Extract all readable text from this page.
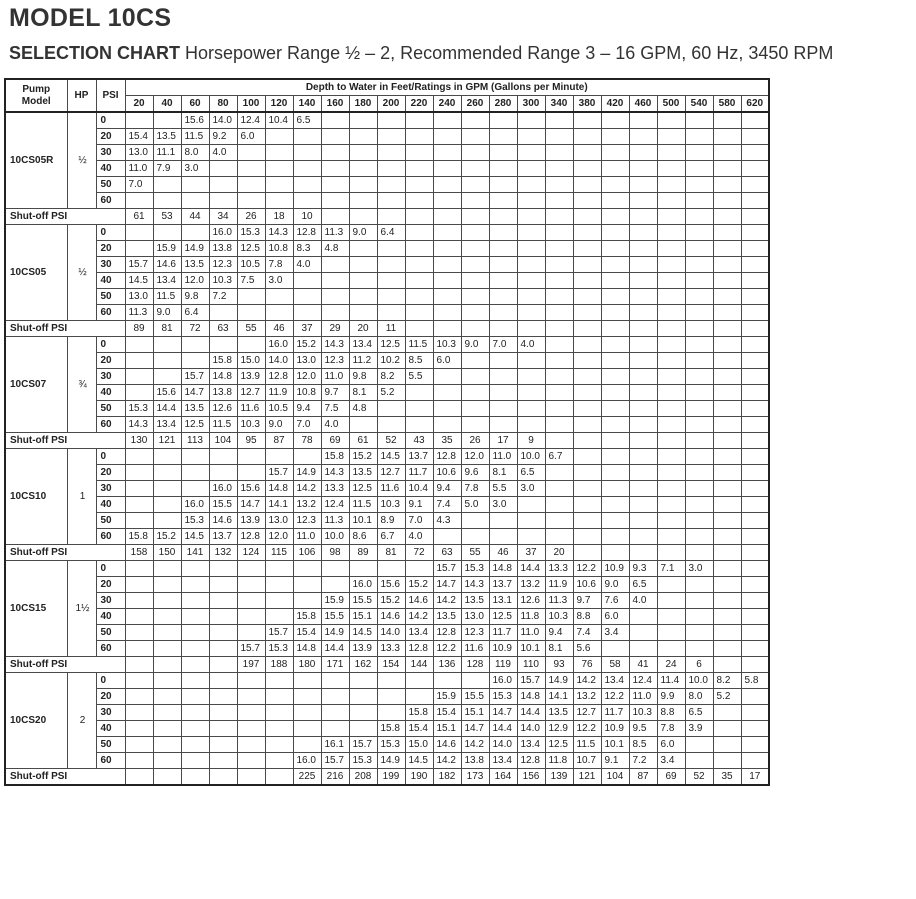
MODEL 10CS
SELECTION CHART Horsepower Range ½ – 2, Recommended Range 3 – 16 GPM, 60 Hz, 3450 RPM
Pump Model	HP	PSI	Depth to Water in Feet/Ratings in GPM (Gallons per Minute)																						
			20	40	60	80	100	120	140	160	180	200	220	240	260	280	300	340	380	420	460	500	540	580	620
10CS05R	½	0			15.6	14.0	12.4	10.4	6.5																
		20	15.4	13.5	11.5	9.2	6.0																		
		30	13.0	11.1	8.0	4.0																			
		40	11.0	7.9	3.0																				
		50	7.0																						
		60																							
Shut-off PSI			61	53	44	34	26	18	10																
10CS05	½	0				16.0	15.3	14.3	12.8	11.3	9.0	6.4													
		20		15.9	14.9	13.8	12.5	10.8	8.3	4.8															
		30	15.7	14.6	13.5	12.3	10.5	7.8	4.0																
		40	14.5	13.4	12.0	10.3	7.5	3.0																	
		50	13.0	11.5	9.8	7.2																			
		60	11.3	9.0	6.4																				
Shut-off PSI			89	81	72	63	55	46	37	29	20	11													
10CS07	¾	0						16.0	15.2	14.3	13.4	12.5	11.5	10.3	9.0	7.0	4.0								
		20				15.8	15.0	14.0	13.0	12.3	11.2	10.2	8.5	6.0											
		30			15.7	14.8	13.9	12.8	12.0	11.0	9.8	8.2	5.5												
		40		15.6	14.7	13.8	12.7	11.9	10.8	9.7	8.1	5.2													
		50	15.3	14.4	13.5	12.6	11.6	10.5	9.4	7.5	4.8														
		60	14.3	13.4	12.5	11.5	10.3	9.0	7.0	4.0															
Shut-off PSI			130	121	113	104	95	87	78	69	61	52	43	35	26	17	9								
10CS10	1	0								15.8	15.2	14.5	13.7	12.8	12.0	11.0	10.0	6.7							
		20						15.7	14.9	14.3	13.5	12.7	11.7	10.6	9.6	8.1	6.5								
		30				16.0	15.6	14.8	14.2	13.3	12.5	11.6	10.4	9.4	7.8	5.5	3.0								
		40			16.0	15.5	14.7	14.1	13.2	12.4	11.5	10.3	9.1	7.4	5.0	3.0									
		50			15.3	14.6	13.9	13.0	12.3	11.3	10.1	8.9	7.0	4.3											
		60	15.8	15.2	14.5	13.7	12.8	12.0	11.0	10.0	8.6	6.7	4.0												
Shut-off PSI			158	150	141	132	124	115	106	98	89	81	72	63	55	46	37	20							
10CS15	1½	0												15.7	15.3	14.8	14.4	13.3	12.2	10.9	9.3	7.1	3.0		
		20									16.0	15.6	15.2	14.7	14.3	13.7	13.2	11.9	10.6	9.0	6.5				
		30								15.9	15.5	15.2	14.6	14.2	13.5	13.1	12.6	11.3	9.7	7.6	4.0				
		40							15.8	15.5	15.1	14.6	14.2	13.5	13.0	12.5	11.8	10.3	8.8	6.0					
		50						15.7	15.4	14.9	14.5	14.0	13.4	12.8	12.3	11.7	11.0	9.4	7.4	3.4					
		60					15.7	15.3	14.8	14.4	13.9	13.3	12.8	12.2	11.6	10.9	10.1	8.1	5.6						
Shut-off PSI							197	188	180	171	162	154	144	136	128	119	110	93	76	58	41	24	6		
10CS20	2	0														16.0	15.7	14.9	14.2	13.4	12.4	11.4	10.0	8.2	5.8
		20												15.9	15.5	15.3	14.8	14.1	13.2	12.2	11.0	9.9	8.0	5.2	
		30											15.8	15.4	15.1	14.7	14.4	13.5	12.7	11.7	10.3	8.8	6.5		
		40										15.8	15.4	15.1	14.7	14.4	14.0	12.9	12.2	10.9	9.5	7.8	3.9		
		50								16.1	15.7	15.3	15.0	14.6	14.2	14.0	13.4	12.5	11.5	10.1	8.5	6.0			
		60							16.0	15.7	15.3	14.9	14.5	14.2	13.8	13.4	12.8	11.8	10.7	9.1	7.2	3.4			
Shut-off PSI									225	216	208	199	190	182	173	164	156	139	121	104	87	69	52	35	17
